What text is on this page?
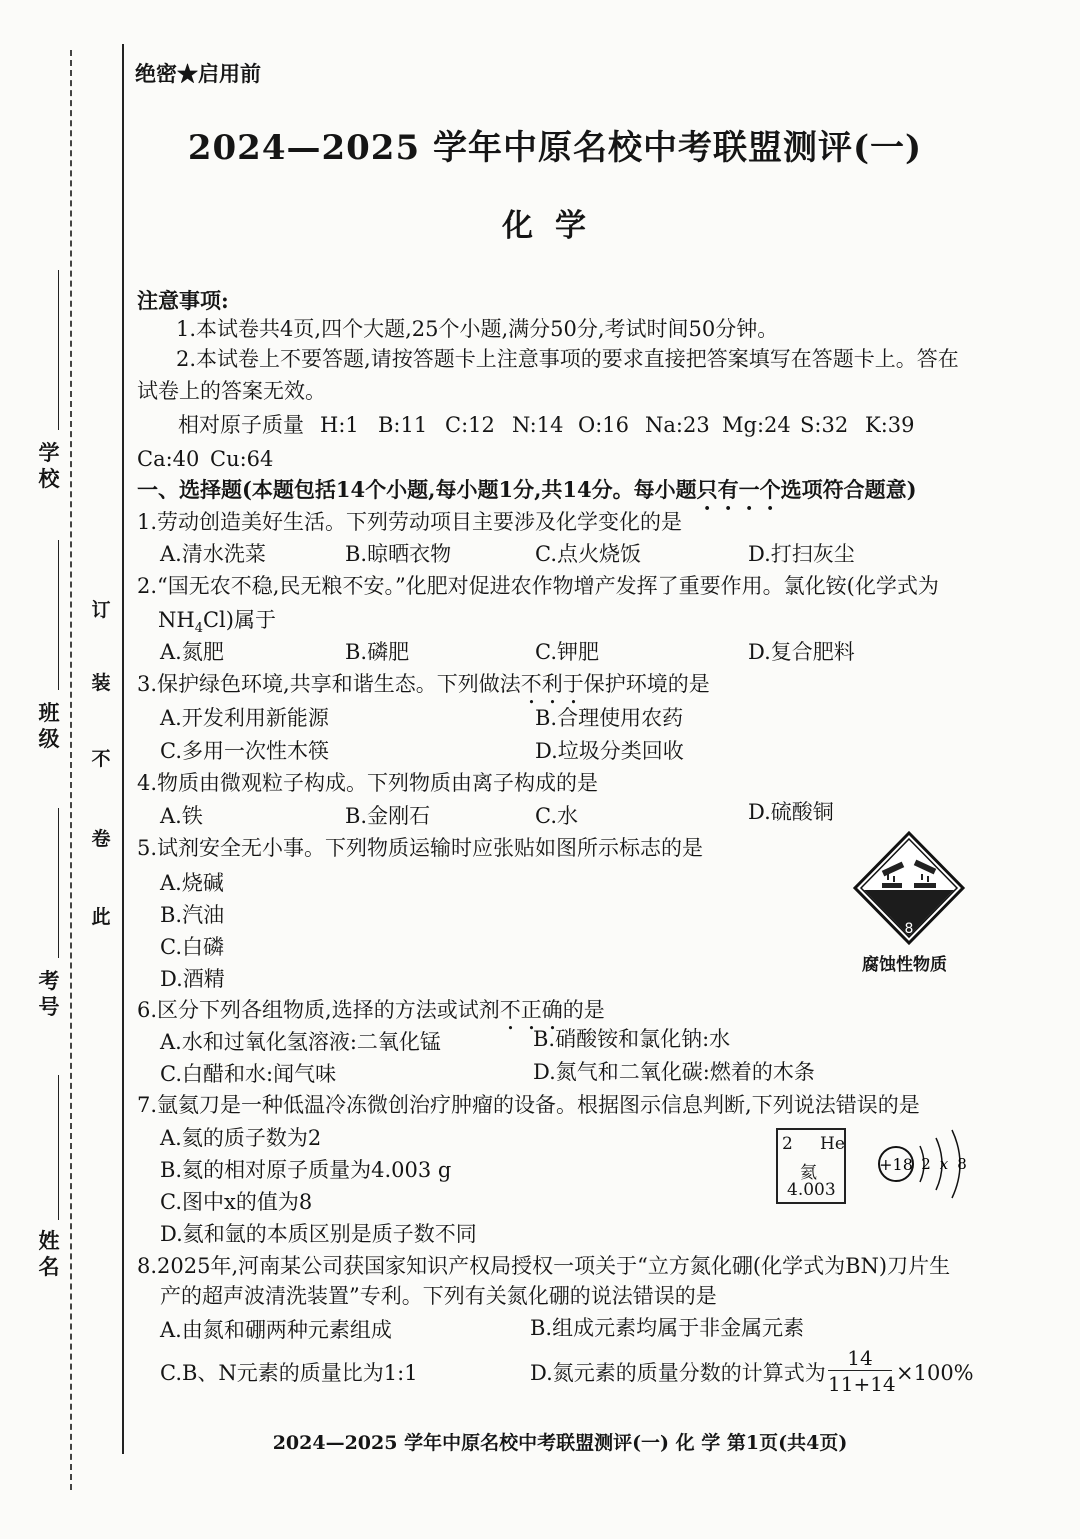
学校
班级
考号
姓名
订
装
不
卷
此
绝密★启用前
2024—2025 学年中原名校中考联盟测评(一)
化学
注意事项:
1.本试卷共4页,四个大题,25个小题,满分50分,考试时间50分钟。
2.本试卷上不要答题,请按答题卡上注意事项的要求直接把答案填写在答题卡上。答在
试卷上的答案无效。
相对原子质量 H:1 B:11 C:12 N:14 O:16 Na:23 Mg:24 S:32 K:39
Ca:40 Cu:64
一、选择题(本题包括14个小题,每小题1分,共14分。每小题只有一个选项符合题意)
1.劳动创造美好生活。下列劳动项目主要涉及化学变化的是
A.清水洗菜	B.晾晒衣物	C.点火烧饭	D.打扫灰尘
2.“国无农不稳,民无粮不安。”化肥对促进农作物增产发挥了重要作用。氯化铵(化学式为
$NH_4Cl$)属于
A.氮肥	B.磷肥	C.钾肥	D.复合肥料
3.保护绿色环境,共享和谐生态。下列做法不利于保护环境的是
A.开发利用新能源	B.合理使用农药
C.多用一次性木筷	D.垃圾分类回收
4.物质由微观粒子构成。下列物质由离子构成的是
A.铁	B.金刚石	C.水	D.硫酸铜
5.试剂安全无小事。下列物质运输时应张贴如图所示标志的是
A.烧碱
B.汽油
C.白磷
D.酒精
8
腐蚀性物质
6.区分下列各组物质,选择的方法或试剂不正确的是
A.水和过氧化氢溶液:二氧化锰	B.硝酸铵和氯化钠:水
C.白醋和水:闻气味	D.氮气和二氧化碳:燃着的木条
7.氩氦刀是一种低温冷冻微创治疗肿瘤的设备。根据图示信息判断,下列说法错误的是
A.氦的质子数为2
B.氦的相对原子质量为4.003 g
C.图中x的值为8
D.氦和氩的本质区别是质子数不同
2 He
氦
4.003
+18 2 x 8
8.2025年,河南某公司获国家知识产权局授权一项关于“立方氮化硼(化学式为BN)刀片生
产的超声波清洗装置”专利。下列有关氮化硼的说法错误的是
A.由氮和硼两种元素组成	B.组成元素均属于非金属元素
C.B、N元素的质量比为1:1	D.氮元素的质量分数的计算式为 $\frac{14}{11+14} \times 100\%$
2024—2025 学年中原名校中考联盟测评(一) 化 学 第1页(共4页)
